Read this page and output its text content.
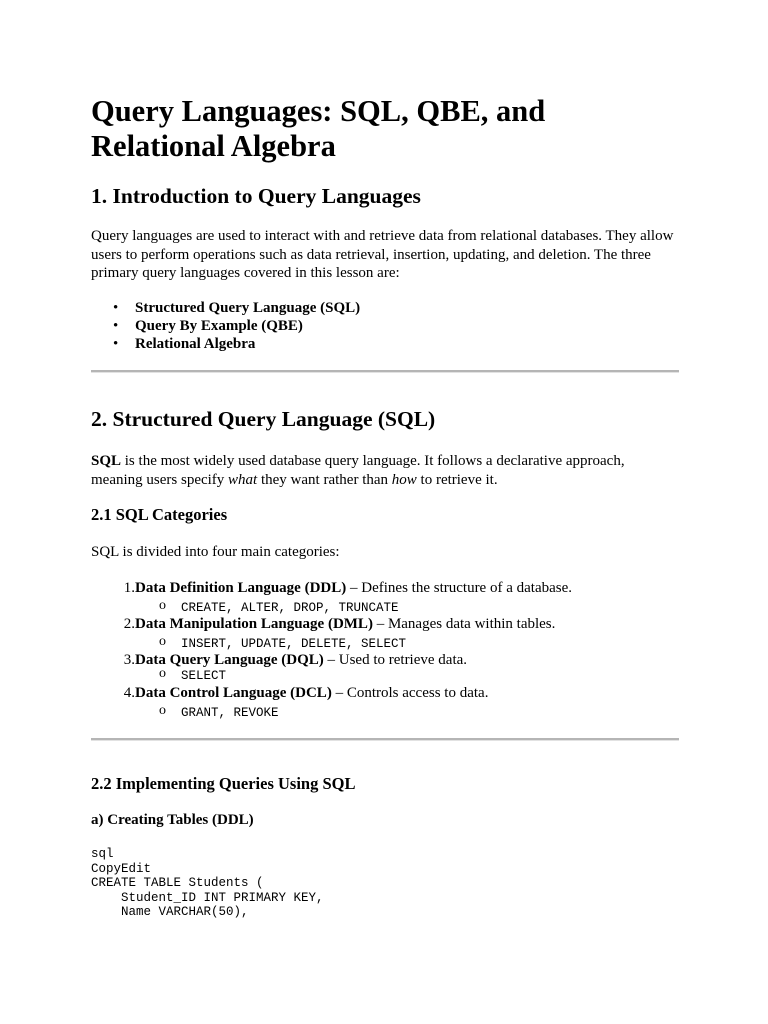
Query Languages: SQL, QBE, and Relational Algebra
1. Introduction to Query Languages

Query languages are used to interact with and retrieve data from relational databases. They allow users to perform operations such as data retrieval, insertion, updating, and deletion. The three primary query languages covered in this lesson are:

• Structured Query Language (SQL)
• Query By Example (QBE)
• Relational Algebra
2. Structured Query Language (SQL)

SQL is the most widely used database query language. It follows a declarative approach,
meaning users specify what they want rather than how to retrieve it.

2.1 SQL Categories

SQL is divided into four main categories:

1. Data Definition Language (DDL) – Defines the structure of a database.
o CREATE, ALTER, DROP, TRUNCATE
2. Data Manipulation Language (DML) – Manages data within tables.
o INSERT, UPDATE, DELETE, SELECT
3. Data Query Language (DQL) – Used to retrieve data.
o SELECT
4. Data Control Language (DCL) – Controls access to data.
o GRANT, REVOKE
2.2 Implementing Queries Using SQL
a) Creating Tables (DDL)
sql
CopyEdit
CREATE TABLE Students (
Student_ID INT PRIMARY KEY,
Name VARCHAR(50),
